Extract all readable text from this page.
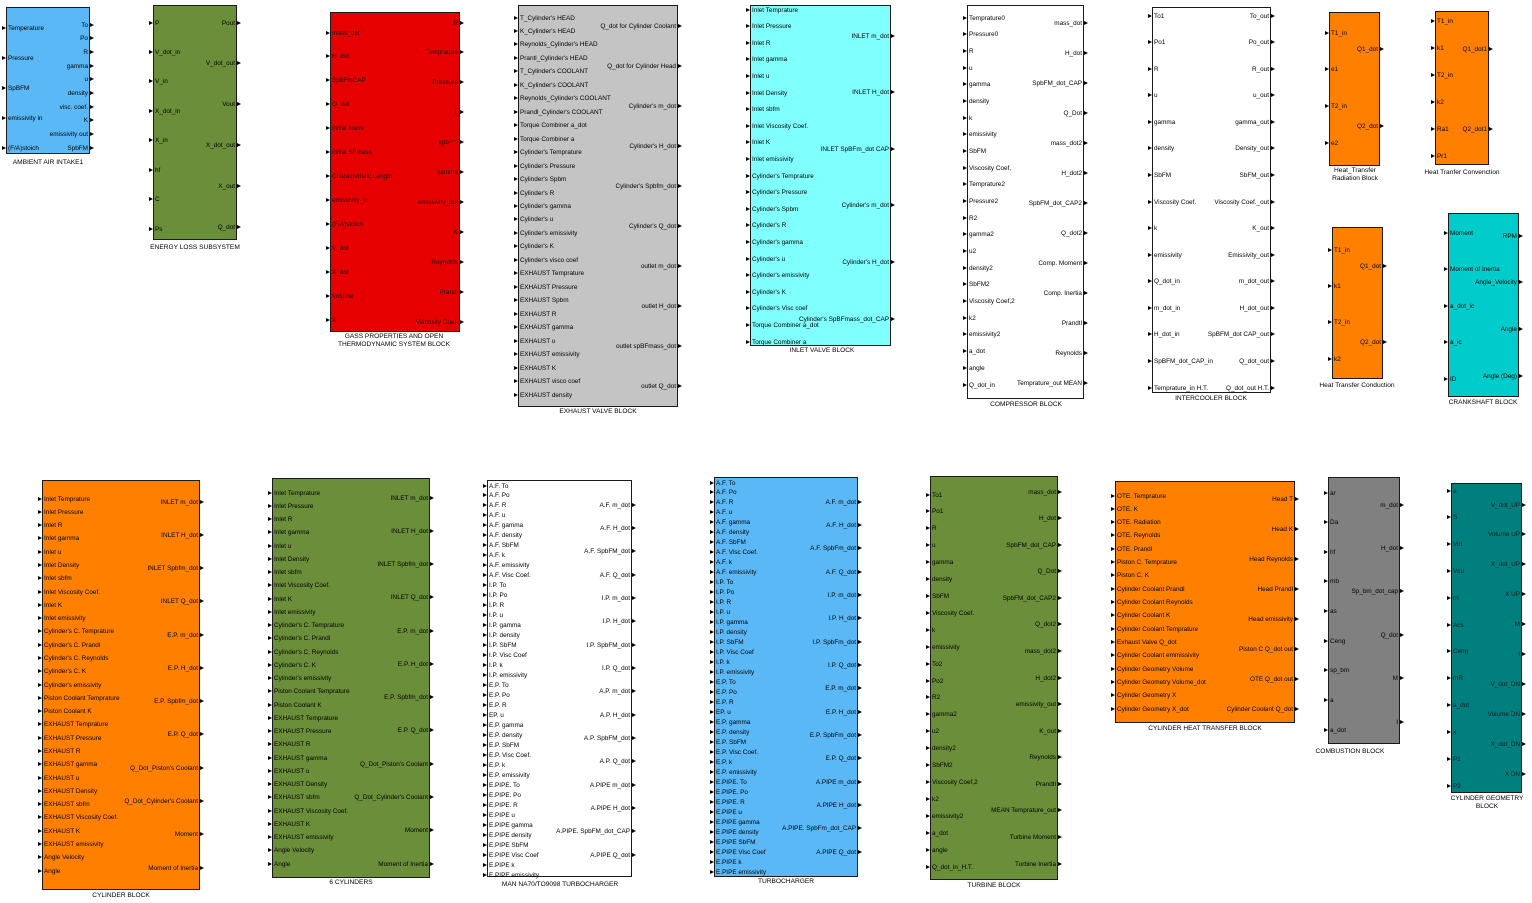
Temperature
Pressure
SpBFM
emissivity in
(F/A)stoich
To
Po
R
gamma
u
density
visc. coef.
K
emissivity out
SpbFM
AMBIENT AIR INTAKE1
P
V_dot_in
V_in
X_dot_in
X_in
hf
C
Ps
Pout
V_dot_out
Vout
X_dot_out
X_out
Q_dot
ENERGY LOSS SUBSYSTEM
mass_dot
H_dot
SpbFmCAP
Q_dot
initial mass
initial SFmass
Characteristic Length
emissivity_in
(F/A)stoich
V_dot
X_dot
Volume
X
R
Temprature
Pressure
u
spbFm
gamma
emissivity_out
K
Reynolds
Prandl
Viscosity Coef.
GASS PROPERTIES AND OPEN
THERMODYNAMIC SYSTEM BLOCK
T_Cylinder's HEAD
K_Cylinder's HEAD
Reynolds_Cylinder's HEAD
Prantl_Cylinder's HEAD
T_Cylinder's COOLANT
K_Cylinder's COOLANT
Reynolds_Cylinder's COOLANT
Prandl_Cylinder's COOLANT
Torque Combiner a_dot
Torque Combiner a
Cylinder's Temprature
Cylinder's Pressure
Cylinder's Spbm
Cylinder's R
Cylinder's gamma
Cylinder's u
Cylinder's emissivity
Cylinder's K
Cylinder's visco coef
EXHAUST Temprature
EXHAUST Pressure
EXHAUST Spbm
EXHAUST R
EXHAUST gamma
EXHAUST u
EXHAUST emissivity
EXHAUST K
EXHAUST visco coef
EXHAUST density
Q_dot for Cylinder Coolant
Q_dot for Cylinder Head
Cylinder's m_dot
Cylinder's H_dot
Cylinder's Spbfm_dot
Cylinder's Q_dot
outlet m_dot
outlet H_dot
outlet spBFmass_dot
outlet Q_dot
EXHAUST VALVE BLOCK
Inlet Temprature
Inlet Pressure
Inlet R
Inlet gamma
Inlet u
Inlet Density
Inlet sbfm
Inlet Viscosity Coef.
Inlet K
Inlet emissivity
Cylinder's Temprature
Cylinder's Pressure
Cylinder's Spbm
Cylinder's R
Cylinder's gamma
Cylinder's u
Cylinder's emissivity
Cylinder's K
Cylinder's Visc coef
Torque Combiner a_dot
Torque Combiner a
INLET m_dot
INLET H_dot
INLET SpBFm_dot CAP
Cylinder's m_dot
Cylinder's H_dot
Cylinder's SpBFmass_dot_CAP
INLET VALVE BLOCK
Temprature0
Pressure0
R
u
gamma
density
k
emissivity
SbFM
Viscosity Coef,
Temprature2
Pressure2
R2
gamma2
u2
density2
SbFM2
Viscosity Coef,2
k2
emissivity2
a_dot
angle
Q_dot_in
mass_dot
H_dot
SpbFM_dot_CAP
Q_Dot
mass_dot2
H_dot2
SpbFM_dot_CAP2
Q_dot2
Comp. Moment
Comp. Inertia
Prandtl
Reynolds
Temprature_out MEAN
COMPRESSOR BLOCK
To1
Po1
R
u
gamma
density
SbFM
Viscosity Coef.
k
emissivity
Q_dot_in
m_dot_in
H_dot_in
SpBFM_dot_CAP_in
Temprature_in H.T.
To_out
Po_out
R_out
u_out
gamma_out
Density_out
SbFM_out
Viscosity Coef._out
K_out
Emissivity_out
m_dot_out
H_dot_out
SpBFM_dot CAP_out
Q_dot_out
Q_dot_out H.T.
INTERCOOLER BLOCK
T1_in
e1
T2_in
e2
Q1_dot
Q2_dot
Heat_Transfer
Radiation Block
T1_in
k1
T2_in
k2
Ra1
Pr1
Q1_dot1
Q2_dot1
Heat Tranfer Convenction
T1_in
k1
T2_in
k2
Q1_dot
Q2_dot
Heat Transfer Conduction
Moment
Moment of Inertia
a_dot_ic
a_ic
ID
RPM
Angle_Velocity
Angle
Angle (Deg)
CRANKSHAFT BLOCK
Inlet Temprature
Inlet Pressure
Inlet R
Inlet gamma
Inlet u
Inlet Density
Inlet sbfm
Inlet Viscosity Coef.
Inlet K
Inlet emissivity
Cylinder's C. Temprature
Cylinder's C. Prandl
Cylinder's C. Reynolds
Cylinder's C. K
Cylinder's emissivity
Piston Coolant Temprature
Piston Coolant K
EXHAUST Temprature
EXHAUST Pressure
EXHAUST R
EXHAUST gamma
EXHAUST u
EXHAUST Density
EXHAUST sbfm
EXHAUST Viscosity Coef.
EXHAUST K
EXHAUST emissivity
Angle Velocity
Angle
INLET m_dot
INLET H_dot
INLET Spbfm_dot
INLET Q_dot
E.P. m_dot
E.P. H_dot
E.P. Spbfm_dot
E.P. Q_dot
Q_Dot_Piston's Coolant
Q_Dot_Cylinder's Coolant
Moment
Moment of Inertia
CYLINDER BLOCK
Inlet Temprature
Inlet Pressure
Inlet R
Inlet gamma
Inlet u
Inlet Density
Inlet sbfm
Inlet Viscosity Coef.
Inlet K
Inlet emissivity
Cylinder's C. Temprature
Cylinder's C. Prandl
Cylinder's C. Reynolds
Cylinder's C. K
Cylinder's emissivity
Piston Coolant Temprature
Piston Coolant K
EXHAUST Temprature
EXHAUST Pressure
EXHAUST R
EXHAUST gamma
EXHAUST u
EXHAUST Density
EXHAUST sbfm
EXHAUST Viscosity Coef.
EXHAUST K
EXHAUST emissivity
Angle Velocity
Angle
INLET m_dot
INLET H_dot
INLET Spbfm_dot
INLET Q_dot
E.P. m_dot
E.P. H_dot
E.P. Spbfm_dot
E.P. Q_dot
Q_Dot_Piston's Coolant
Q_Dot_Cylinder's Coolant
Moment
Moment of Inertia
6 CYLINDERS
A.F. To
A.F. Po
A.F. R
A.F. u
A.F. gamma
A.F. density
A.F. SbFM
A.F. k
A.F. emissivity
A.F. Visc Coef.
I.P. To
I.P. Po
I.P. R
I.P. u
I.P. gamma
I.P. density
I.P. SbFM
I.P. Visc Coef
I.P. k
I.P. emissivity
E.P. To
E.P. Po
E.P. R
EP. u
E.P. gamma
E.P. density
E.P. SbFM
E.P. Visc Coef.
E.P. k
E.P. emissivity
E.PIPE. To
E.PIPE. Po
E.PIPE. R
E.PIPE u
E.PIPE gamma
E.PIPE density
E.PIPE SbFM
E.PIPE Visc Coef
E.PIPE k
E.PIPE emissivity
A.F. m_dot
A.F. H_dot
A.F. SpbFM_dot
A.F. Q_dot
I.P. m_dot
I.P. H_dot
I.P. SpbFM_dot
I.P. Q_dot
A.P. m_dot
A.P. H_dot
A.P. SpbFM_dot
A.P. Q_dot
A.PIPE m_dot
A.PIPE H_dot
A.PIPE. SpbFM_dot_CAP
A.PIPE Q_dot
MAN NA70/TO9098 TURBOCHARGER
A.F. To
A.F. Po
A.F. R
A.F. u
A.F. gamma
A.F. density
A.F. SbFM
A.F. Visc Coef.
A.F. k
A.F. emissivity
I.P. To
I.P. Po
I.P. R
I.P. u
I.P. gamma
I.P. density
I.P. SbFM
I.P. Visc Coef
I.P. k
I.P. emissivity
E.P. To
E.P. Po
E.P. R
EP. u
E.P. gamma
E.P. density
E.P. SbFM
E.P. Visc Coef.
E.P. k
E.P. emissivity
E.PIPE. To
E.PIPE. Po
E.PIPE. R
E.PIPE u
E.PIPE gamma
E.PIPE density
E.PIPE SbFM
E.PIPE Visc Coef
E.PIPE k
E.PIPE emissivity
A.F. m_dot
A.F. H_dot
A.F. SpbFm_dot
A.F. Q_dot
I.P. m_dot
I.P. H_dot
I.P. SpbFm_dot
I.P. Q_dot
E.P. m_dot
E.P. H_dot
E.P. SpbFm_dot
E.P. Q_dot
A.PIPE m_dot
A.PIPE H_dot
A.PIPE. SpbFm_dot_CAP
A.PIPE Q_dot
TURBOCHARGER
To1
Po1
R
u
gamma
density
SbFM
Viscosity Coef.
k
emissivity
To2
Po2
R2
gamma2
u2
density2
SbFM2
Viscosity Coef,2
k2
emissivity2
a_dot
angle
Q_dot_in_H.T.
mass_dot
H_dot
SpbFM_dot_CAP
Q_Dot
SpbFM_dot_CAP2
Q_dot2
mass_dot2
H_dot2
emissivity_out
K_out
Reynolds
Prandtl
MEAN Temprature_out
Turbine Moment
Turbine Inertia
TURBINE BLOCK
OTE. Temprature
OTE. K
OTE. Radiation
OTE. Reynolds
OTE. Prandl
Piston C. Temprature
Piston C. K
Cylinder Coolant Prandl
Cylinder Coolant Reynolds
Cylinder Coolant K
Cylinder Coolant Temprature
Exhaust Valve Q_dot
Cylinder Coolant emmissivity
Cylinder Geometry Volume
Cylinder Geometry Volume_dot
Cylinder Geometry X
Cylinder Geometry X_dot
Head T
Head K
Head Reynolds
Head Prandl
Head emissivity
Piston C Q_dot out
OTE Q_dot out
Cylinder Coolant Q_dot
CYLINDER HEAT TRANSFER BLOCK
ar
Da
hf
mb
as
Ceng
sp_bm
a
a_dot
m_dot
H_dot
Sp_bm_dot_cap
Q_dot
M
I
COMBUSTION BLOCK
a
S
Vol
Vcu
rrl
Acs
Ceng
mR
a_dot
x
P1
P2
V_dot_UP
Volume UP
X_dot_UP
X UP
M
I
V_dot_DN
Volume DN
X_dot_DN
X DN
CYLINDER GEOMETRY
BLOCK
